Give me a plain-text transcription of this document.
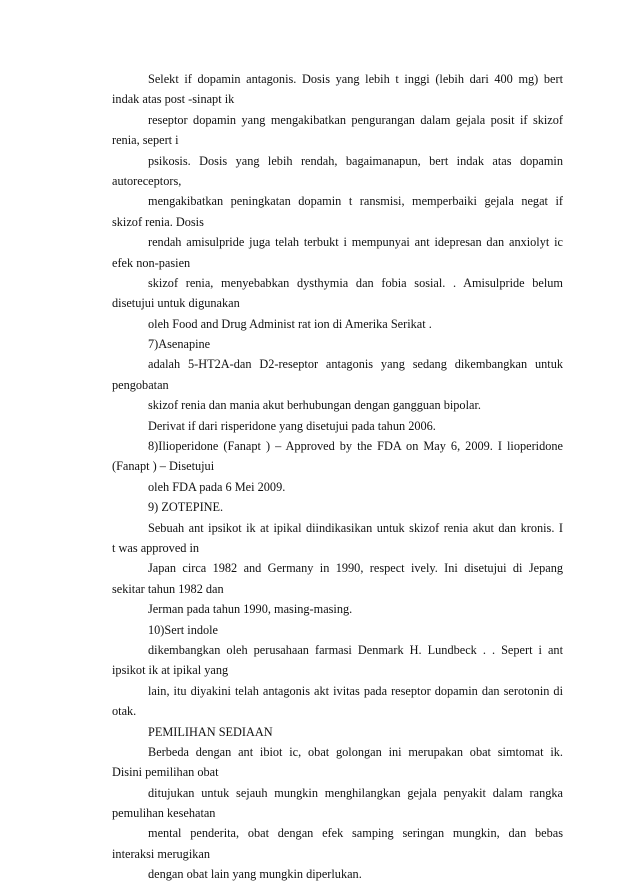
Selekt if dopamin antagonis. Dosis yang lebih t inggi (lebih dari 400 mg) bert
indak atas post -sinapt ik
reseptor dopamin yang mengakibatkan pengurangan dalam gejala posit if skizof
renia, sepert i
psikosis. Dosis yang lebih rendah, bagaimanapun, bert indak atas dopamin
autoreceptors,
mengakibatkan peningkatan dopamin t ransmisi, memperbaiki gejala negat if
skizof renia. Dosis
rendah amisulpride juga telah terbukt i mempunyai ant idepresan dan anxiolyt ic
efek non-pasien
skizof renia, menyebabkan dysthymia dan fobia sosial. . Amisulpride belum
disetujui untuk digunakan
oleh Food and Drug Administ rat ion di Amerika Serikat .
7)Asenapine
adalah 5-HT2A-dan D2-reseptor antagonis yang sedang dikembangkan untuk
pengobatan
skizof renia dan mania akut berhubungan dengan gangguan bipolar.
Derivat if dari risperidone yang disetujui pada tahun 2006.
8)Ilioperidone (Fanapt ) – Approved by the FDA on May 6, 2009. I lioperidone
(Fanapt ) – Disetujui
oleh FDA pada 6 Mei 2009.
9) ZOTEPINE.
Sebuah ant ipsikot ik at ipikal diindikasikan untuk skizof renia akut dan kronis. I
t was approved in
Japan circa 1982 and Germany in 1990, respect ively. Ini disetujui di Jepang
sekitar tahun 1982 dan
Jerman pada tahun 1990, masing-masing.
10)Sert indole
dikembangkan oleh perusahaan farmasi Denmark H. Lundbeck . . Sepert i ant
ipsikot ik at ipikal yang
lain, itu diyakini telah antagonis akt ivitas pada reseptor dopamin dan serotonin di
otak.
PEMILIHAN SEDIAAN
Berbeda dengan ant ibiot ic, obat golongan ini merupakan obat simtomat ik.
Disini pemilihan obat
ditujukan untuk sejauh mungkin menghilangkan gejala penyakit dalam rangka
pemulihan kesehatan
mental penderita, obat dengan efek samping seringan mungkin, dan bebas
interaksi merugikan
dengan obat lain yang mungkin diperlukan.
